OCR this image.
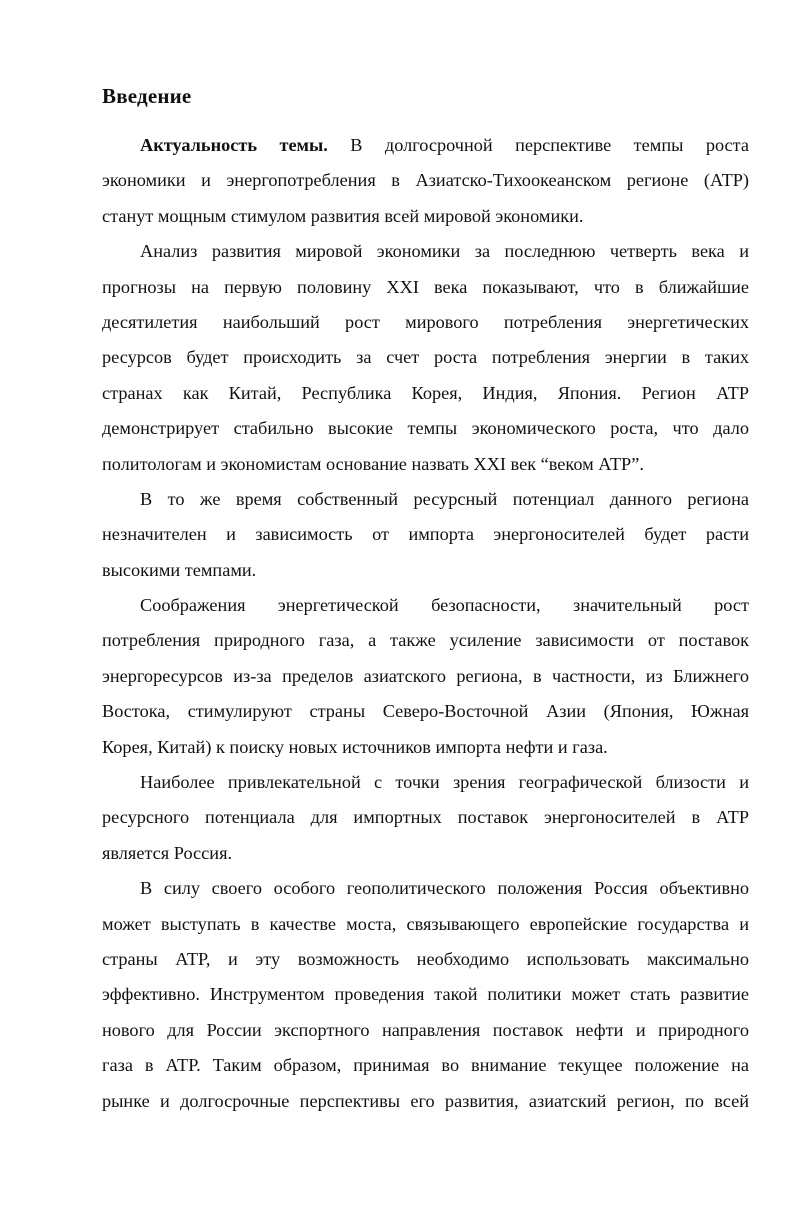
Введение

Актуальность темы. В долгосрочной перспективе темпы роста
экономики и энергопотребления в Азиатско-Тихоокеанском регионе (АТР)
станут мощным стимулом развития всей мировой экономики.

Анализ развития мировой экономики за последнюю четверть века и
прогнозы на первую половину XXI века показывают, что в ближайшие
десятилетия наибольший рост мирового потребления энергетических
ресурсов будет происходить за счет роста потребления энергии в таких
странах как Китай, Республика Корея, Индия, Япония. Регион АТР
демонстрирует стабильно высокие темпы экономического роста, что дало
политологам и экономистам основание назвать XXI век “веком АТР”.

В то же время собственный ресурсный потенциал данного региона
незначителен и зависимость от импорта энергоносителей будет расти
высокими темпами.

Соображения энергетической безопасности, значительный рост
потребления природного газа, а также усиление зависимости от поставок
энергоресурсов из-за пределов азиатского региона, в частности, из Ближнего
Востока, стимулируют страны Северо-Восточной Азии (Япония, Южная
Корея, Китай) к поиску новых источников импорта нефти и газа.

Наиболее привлекательной с точки зрения географической близости и
ресурсного потенциала для импортных поставок энергоносителей в АТР
является Россия.

В силу своего особого геополитического положения Россия объективно
может выступать в качестве моста, связывающего европейские государства и
страны АТР, и эту возможность необходимо использовать максимально
эффективно. Инструментом проведения такой политики может стать развитие
нового для России экспортного направления поставок нефти и природного
газа в АТР. Таким образом, принимая во внимание текущее положение на
рынке и долгосрочные перспективы его развития, азиатский регион, по всей
